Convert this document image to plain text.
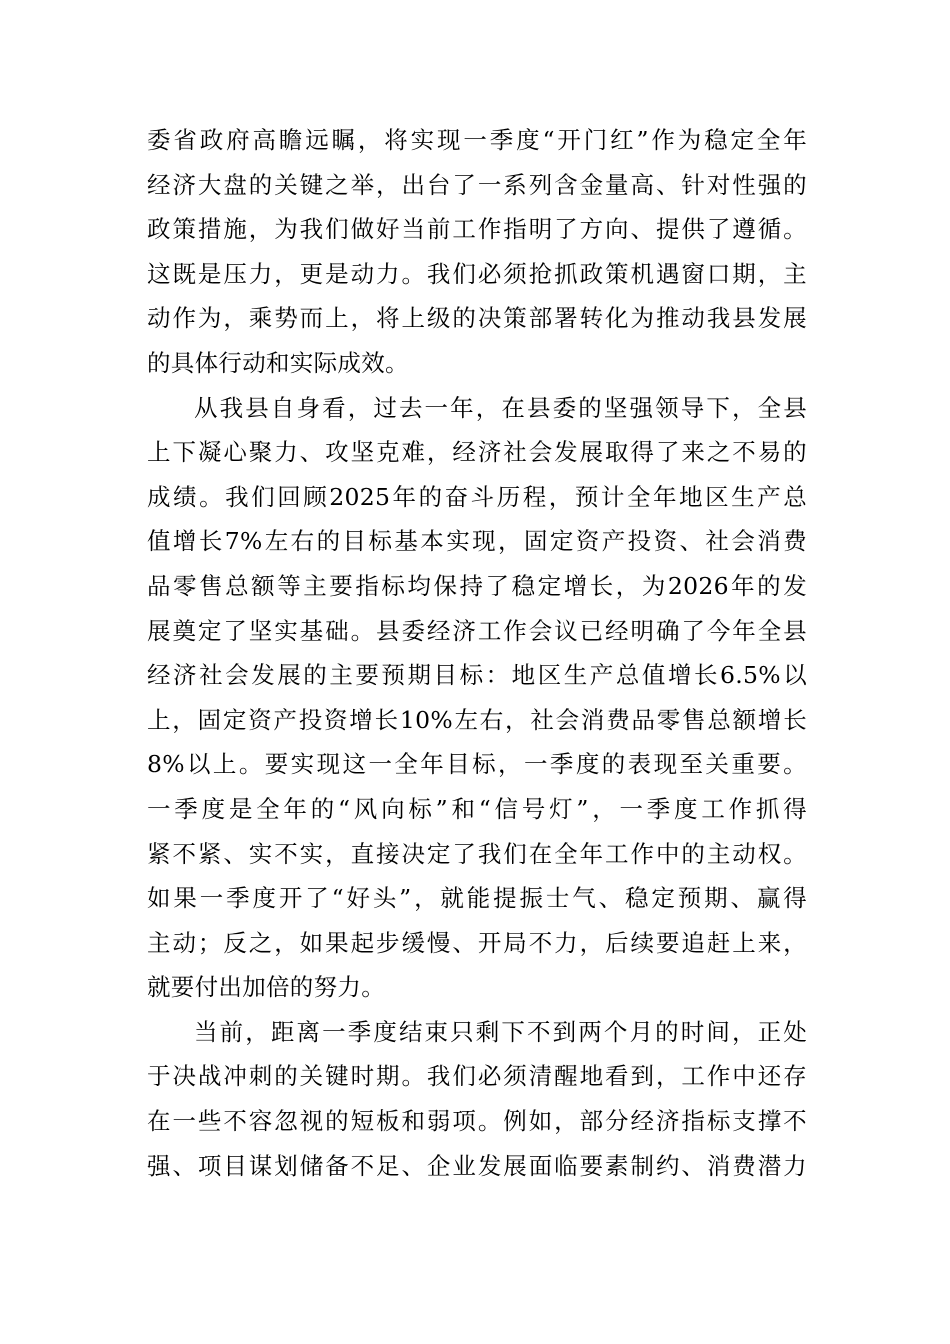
委省政府高瞻远瞩，将实现一季度“开门红”作为稳定全年
经济大盘的关键之举，出台了一系列含金量高、针对性强的
政策措施，为我们做好当前工作指明了方向、提供了遵循。
这既是压力，更是动力。我们必须抢抓政策机遇窗口期，主
动作为，乘势而上，将上级的决策部署转化为推动我县发展
的具体行动和实际成效。
从我县自身看，过去一年，在县委的坚强领导下，全县
上下凝心聚力、攻坚克难，经济社会发展取得了来之不易的
成绩。我们回顾2025年的奋斗历程，预计全年地区生产总
值增长7%左右的目标基本实现，固定资产投资、社会消费
品零售总额等主要指标均保持了稳定增长，为2026年的发
展奠定了坚实基础。县委经济工作会议已经明确了今年全县
经济社会发展的主要预期目标：地区生产总值增长6.5%以
上，固定资产投资增长10%左右，社会消费品零售总额增长
8%以上。要实现这一全年目标，一季度的表现至关重要。
一季度是全年的“风向标”和“信号灯”，一季度工作抓得
紧不紧、实不实，直接决定了我们在全年工作中的主动权。
如果一季度开了“好头”，就能提振士气、稳定预期、赢得
主动；反之，如果起步缓慢、开局不力，后续要追赶上来，
就要付出加倍的努力。
当前，距离一季度结束只剩下不到两个月的时间，正处
于决战冲刺的关键时期。我们必须清醒地看到，工作中还存
在一些不容忽视的短板和弱项。例如，部分经济指标支撑不
强、项目谋划储备不足、企业发展面临要素制约、消费潜力
